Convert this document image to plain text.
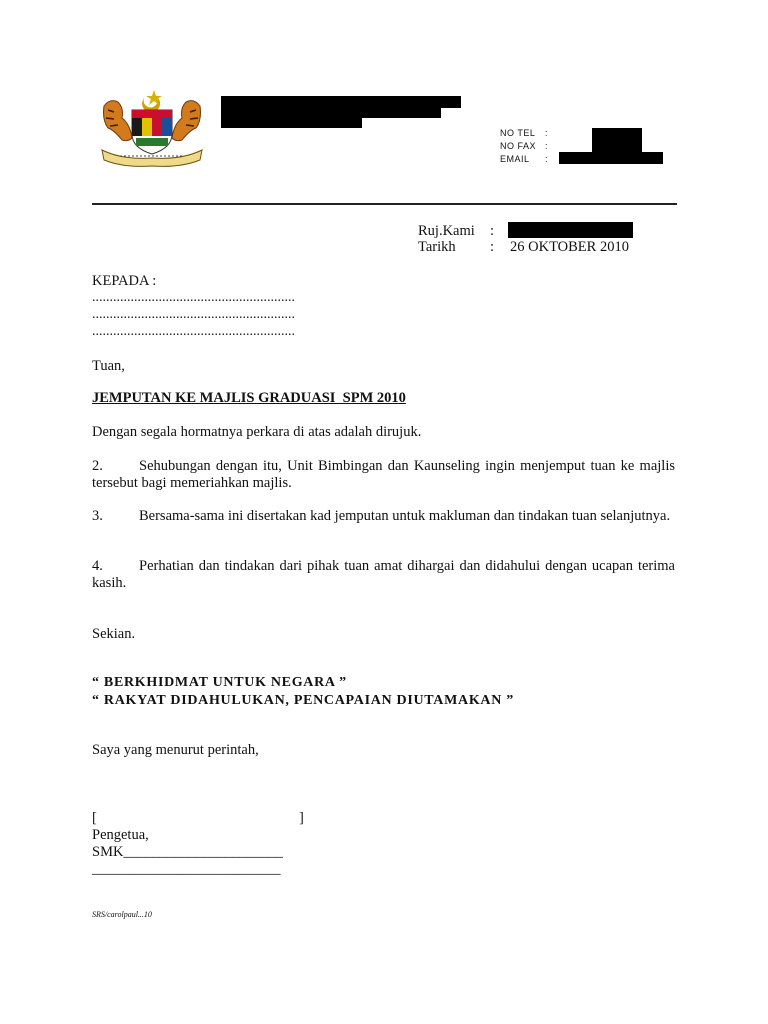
NO TEL :
NO FAX :
EMAIL :
Ruj.Kami :
Tarikh : 26 OKTOBER 2010
KEPADA :
..........................................................
..........................................................
..........................................................
Tuan,
JEMPUTAN KE MAJLIS GRADUASI  SPM 2010
Dengan segala hormatnya perkara di atas adalah dirujuk.
2. Sehubungan dengan itu, Unit Bimbingan dan Kaunseling ingin menjemput tuan ke majlis tersebut bagi memeriahkan majlis.
3. Bersama-sama ini disertakan kad jemputan untuk makluman dan tindakan tuan selanjutnya.
4. Perhatian dan tindakan dari pihak tuan amat dihargai dan didahului dengan ucapan terima kasih.
Sekian.
“ BERKHIDMAT UNTUK NEGARA ”
“ RAKYAT DIDAHULUKAN, PENCAPAIAN DIUTAMAKAN ”
Saya yang menurut perintah,
[	]
Pengetua,
SMK______________________
__________________________
SRS/carolpaul...10
